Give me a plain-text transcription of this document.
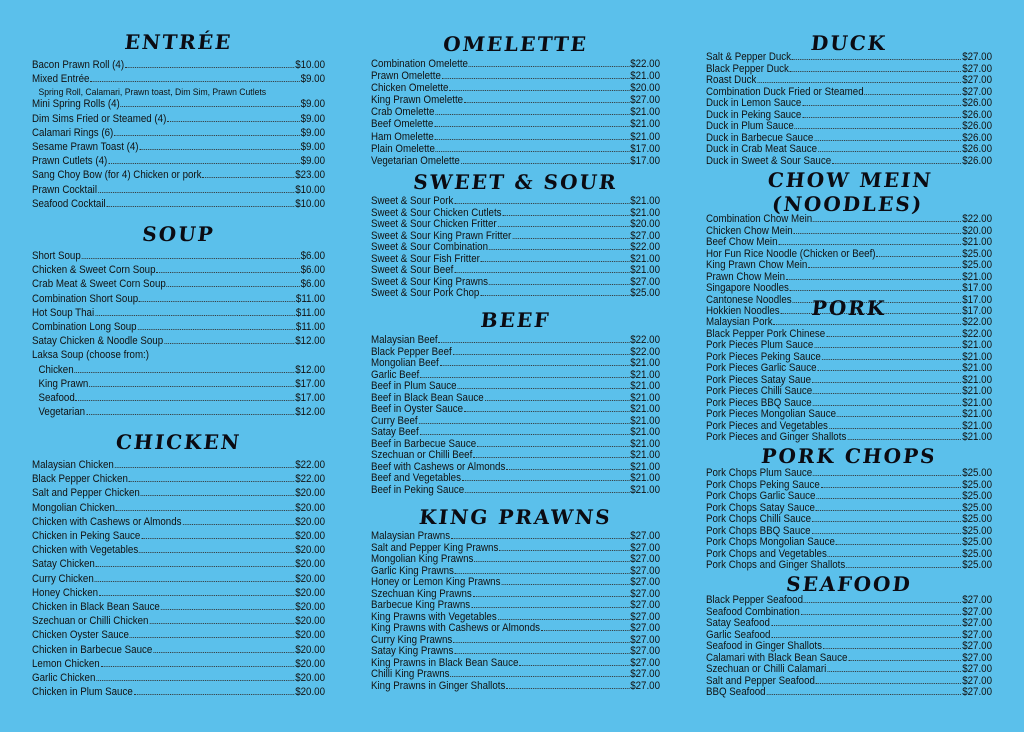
ENTRÉE
Bacon Prawn Roll (4)	$10.00
Mixed Entrée	$9.00
Spring Roll, Calamari, Prawn toast, Dim Sim, Prawn Cutlets
Mini Spring Rolls (4)	$9.00
Dim Sims Fried or Steamed (4)	$9.00
Calamari Rings (6)	$9.00
Sesame Prawn Toast (4)	$9.00
Prawn Cutlets (4)	$9.00
Sang Choy Bow (for 4) Chicken or pork	$23.00
Prawn Cocktail	$10.00
Seafood Cocktail	$10.00
SOUP
Short Soup	$6.00
Chicken & Sweet Corn Soup	$6.00
Crab Meat & Sweet Corn Soup	$6.00
Combination Short Soup	$11.00
Hot Soup Thai	$11.00
Combination Long Soup	$11.00
Satay Chicken & Noodle Soup	$12.00
Laksa Soup (choose from:)
Chicken	$12.00
King Prawn	$17.00
Seafood	$17.00
Vegetarian	$12.00
CHICKEN
Malaysian Chicken	$22.00
Black Pepper Chicken	$22.00
Salt and Pepper Chicken	$20.00
Mongolian Chicken	$20.00
Chicken with Cashews or Almonds	$20.00
Chicken in Peking Sauce	$20.00
Chicken with Vegetables	$20.00
Satay Chicken	$20.00
Curry Chicken	$20.00
Honey Chicken	$20.00
Chicken in Black Bean Sauce	$20.00
Szechuan or Chilli Chicken	$20.00
Chicken Oyster Sauce	$20.00
Chicken in Barbecue Sauce	$20.00
Lemon Chicken	$20.00
Garlic Chicken	$20.00
Chicken in Plum Sauce	$20.00
OMELETTE
Combination Omelette	$22.00
Prawn Omelette	$21.00
Chicken Omelette	$20.00
King Prawn Omelette	$27.00
Crab Omelette	$21.00
Beef Omelette	$21.00
Ham Omelette	$21.00
Plain Omelette	$17.00
Vegetarian Omelette	$17.00
SWEET & SOUR
Sweet & Sour Pork	$21.00
Sweet & Sour Chicken Cutlets	$21.00
Sweet & Sour Chicken Fritter	$20.00
Sweet & Sour King Prawn Fritter	$27.00
Sweet & Sour Combination	$22.00
Sweet & Sour Fish Fritter	$21.00
Sweet & Sour Beef	$21.00
Sweet & Sour King Prawns	$27.00
Sweet & Sour Pork Chop	$25.00
BEEF
Malaysian Beef	$22.00
Black Pepper Beef	$22.00
Mongolian Beef	$21.00
Garlic Beef	$21.00
Beef in Plum Sauce	$21.00
Beef in Black Bean Sauce	$21.00
Beef in Oyster Sauce	$21.00
Curry Beef	$21.00
Satay Beef	$21.00
Beef in Barbecue Sauce	$21.00
Szechuan or Chilli Beef	$21.00
Beef with Cashews or Almonds	$21.00
Beef and Vegetables	$21.00
Beef in Peking Sauce	$21.00
KING PRAWNS
Malaysian Prawns	$27.00
Salt and Pepper King Prawns	$27.00
Mongolian King Prawns	$27.00
Garlic King Prawns	$27.00
Honey or Lemon King Prawns	$27.00
Szechuan King Prawns	$27.00
Barbecue King Prawns	$27.00
King Prawns with Vegetables	$27.00
King Prawns with Cashews or Almonds	$27.00
Curry King Prawns	$27.00
Satay King Prawns	$27.00
King Prawns in Black Bean Sauce	$27.00
Chilli King Prawns	$27.00
King Prawns in Ginger Shallots	$27.00
DUCK
Salt & Pepper Duck	$27.00
Black Pepper Duck	$27.00
Roast Duck	$27.00
Combination Duck Fried or Steamed	$27.00
Duck in Lemon Sauce	$26.00
Duck in Peking Sauce	$26.00
Duck in Plum Sauce	$26.00
Duck in Barbecue Sauce	$26.00
Duck in Crab Meat Sauce	$26.00
Duck in Sweet & Sour Sauce	$26.00
CHOW MEIN (NOODLES)
Combination Chow Mein	$22.00
Chicken Chow Mein	$20.00
Beef Chow Mein	$21.00
Hor Fun Rice Noodle (Chicken or Beef)	$25.00
King Prawn Chow Mein	$25.00
Prawn Chow Mein	$21.00
Singapore Noodles	$17.00
Cantonese Noodles	$17.00
Hokkien Noodles	$17.00
PORK
Malaysian Pork	$22.00
Black Pepper Pork Chinese	$22.00
Pork Pieces Plum Sauce	$21.00
Pork Pieces Peking Sauce	$21.00
Pork Pieces Garlic Sauce	$21.00
Pork Pieces Satay Saue	$21.00
Pork Pieces Chilli Sauce	$21.00
Pork Pieces BBQ Sauce	$21.00
Pork Pieces Mongolian Sauce	$21.00
Pork Pieces and Vegetables	$21.00
Pork Pieces and Ginger Shallots	$21.00
PORK CHOPS
Pork Chops Plum Sauce	$25.00
Pork Chops Peking Sauce	$25.00
Pork Chops Garlic Sauce	$25.00
Pork Chops Satay Sauce	$25.00
Pork Chops Chilli Sauce	$25.00
Pork Chops BBQ Sauce	$25.00
Pork Chops Mongolian Sauce	$25.00
Pork Chops and Vegetables	$25.00
Pork Chops and Ginger Shallots	$25.00
SEAFOOD
Black Pepper Seafood	$27.00
Seafood Combination	$27.00
Satay Seafood	$27.00
Garlic Seafood	$27.00
Seafood in Ginger Shallots	$27.00
Calamari with Black Bean Sauce	$27.00
Szechuan or Chilli Calamari	$27.00
Salt and Pepper Seafood	$27.00
BBQ Seafood	$27.00
